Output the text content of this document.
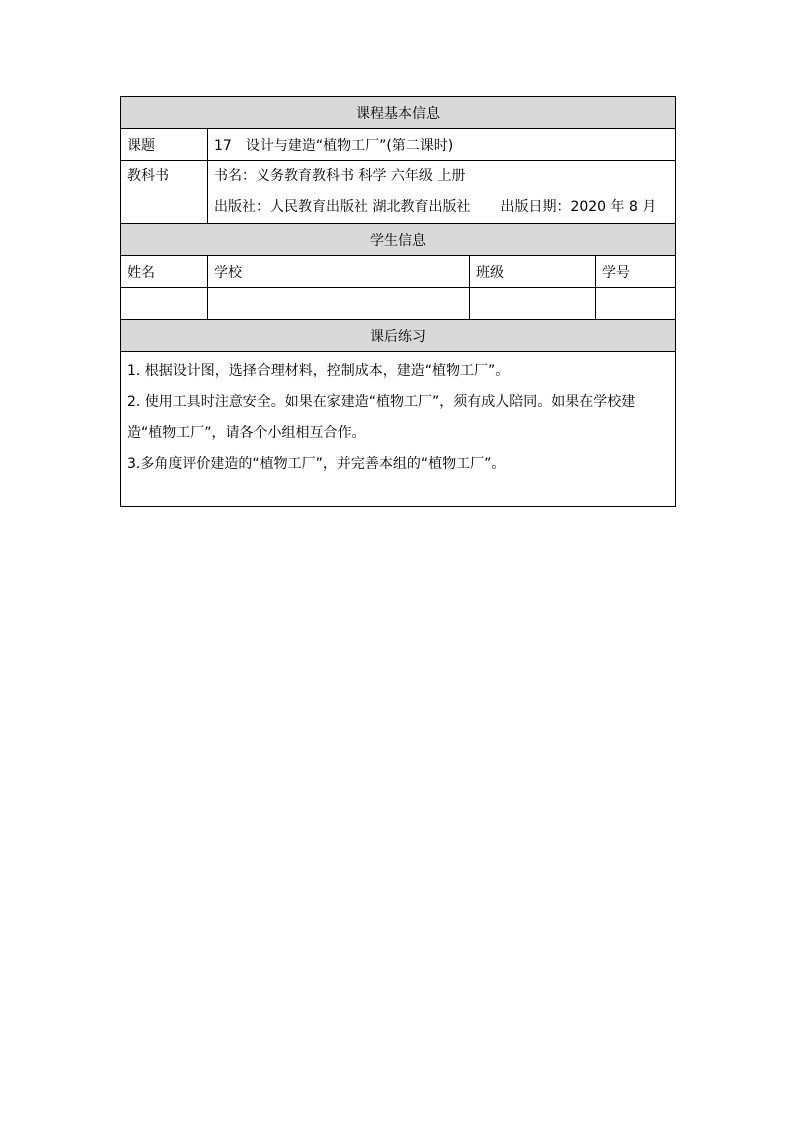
课程基本信息			
课题	17　设计与建造“植物工厂”(第二课时)		

教科书	书名：义务教育教科书 科学 六年级 上册
出版社：人民教育出版社 湖北教育出版社 出版日期：2020 年 8 月		

学生信息			
姓名	学校	班级	学号

课后练习			

1. 根据设计图，选择合理材料，控制成本，建造“植物工厂”。

2. 使用工具时注意安全。如果在家建造“植物工厂”，须有成人陪同。如果在学校建造“植物工厂”，请各个小组相互合作。

3.多角度评价建造的“植物工厂”，并完善本组的“植物工厂”。			
